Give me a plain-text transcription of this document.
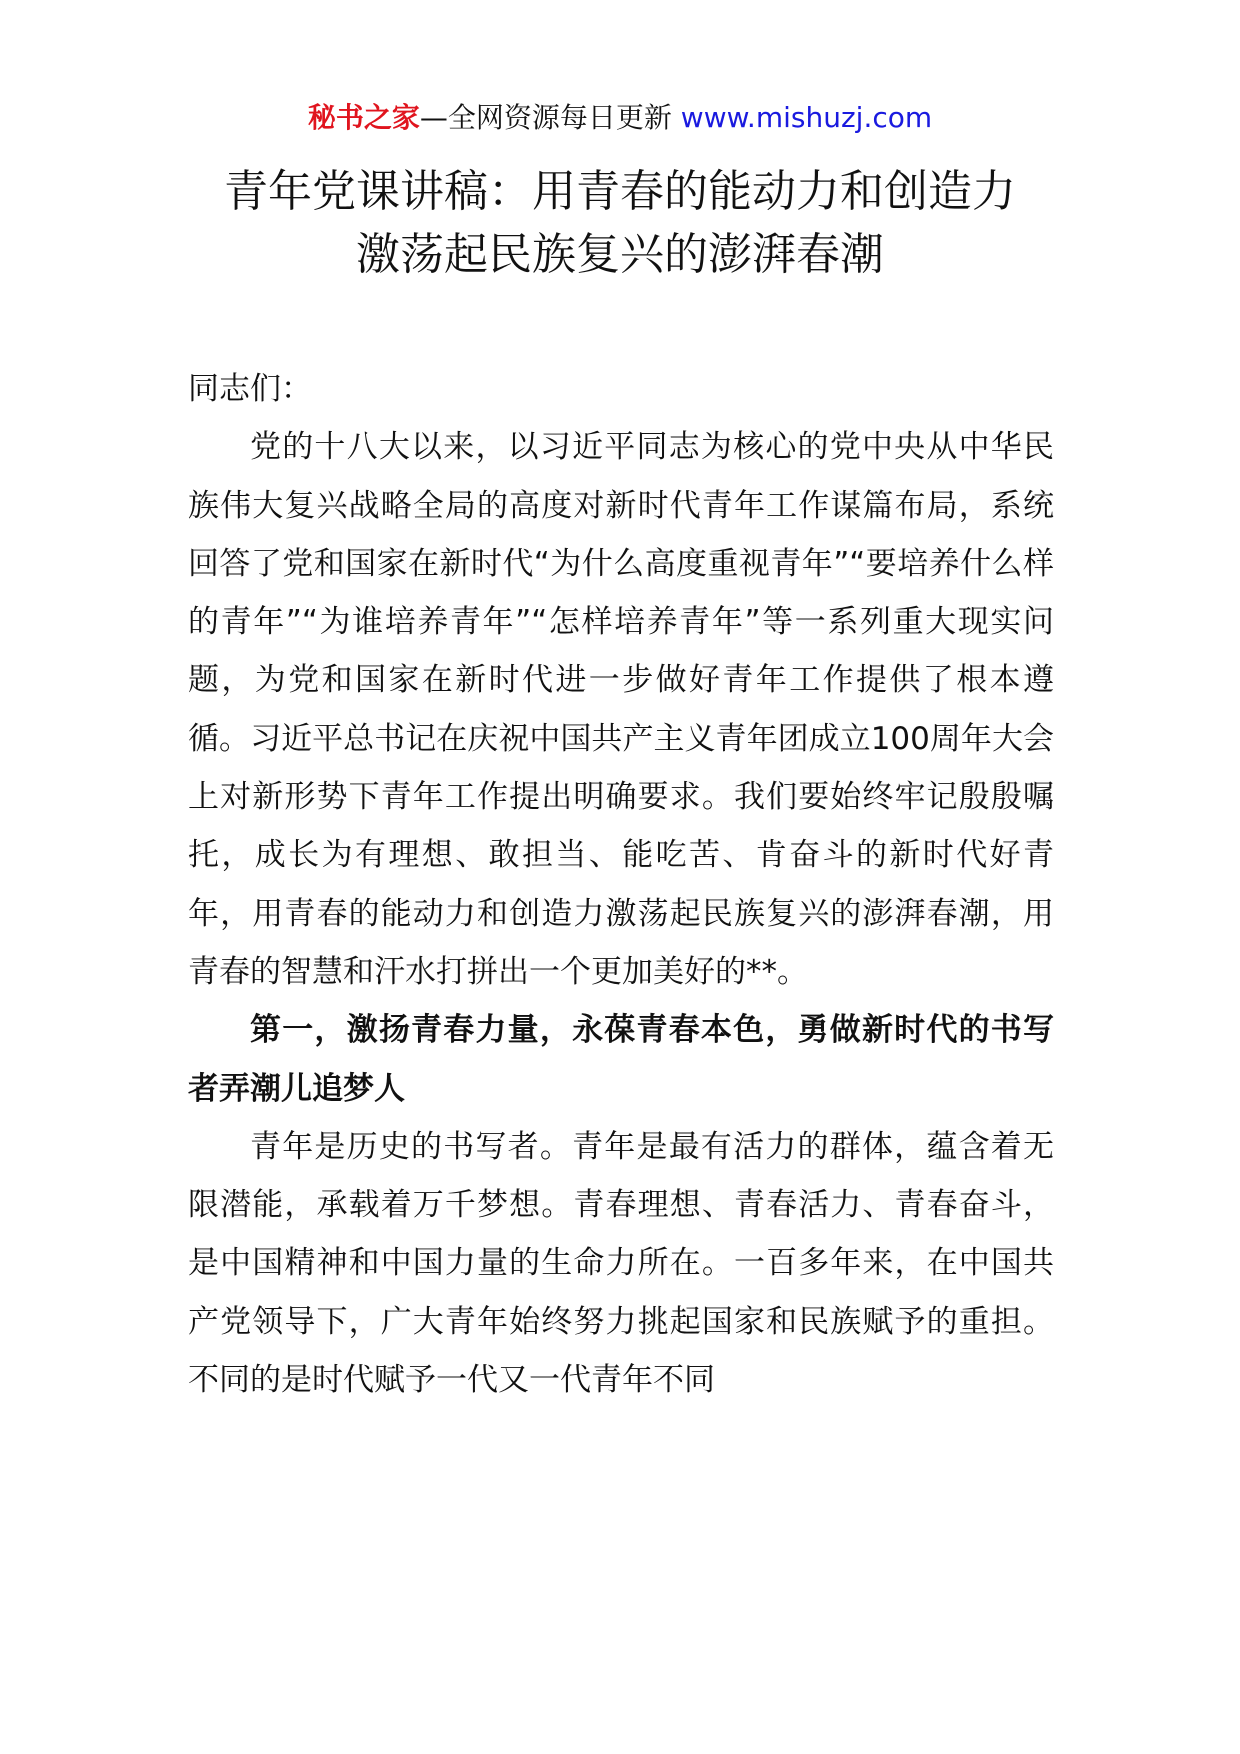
秘书之家—全网资源每日更新 www.mishuzj.com
青年党课讲稿：用青春的能动力和创造力
激荡起民族复兴的澎湃春潮

同志们：

党的十八大以来，以习近平同志为核心的党中央从中华民族伟大复兴战略全局的高度对新时代青年工作谋篇布局，系统回答了党和国家在新时代“为什么高度重视青年”“要培养什么样的青年”“为谁培养青年”“怎样培养青年”等一系列重大现实问题，为党和国家在新时代进一步做好青年工作提供了根本遵循。习近平总书记在庆祝中国共产主义青年团成立100周年大会上对新形势下青年工作提出明确要求。我们要始终牢记殷殷嘱托，成长为有理想、敢担当、能吃苦、肯奋斗的新时代好青年，用青春的能动力和创造力激荡起民族复兴的澎湃春潮，用青春的智慧和汗水打拼出一个更加美好的**。

第一，激扬青春力量，永葆青春本色，勇做新时代的书写者弄潮儿追梦人

青年是历史的书写者。青年是最有活力的群体，蕴含着无限潜能，承载着万千梦想。青春理想、青春活力、青春奋斗，是中国精神和中国力量的生命力所在。一百多年来，在中国共产党领导下，广大青年始终努力挑起国家和民族赋予的重担。不同的是时代赋予一代又一代青年不同
